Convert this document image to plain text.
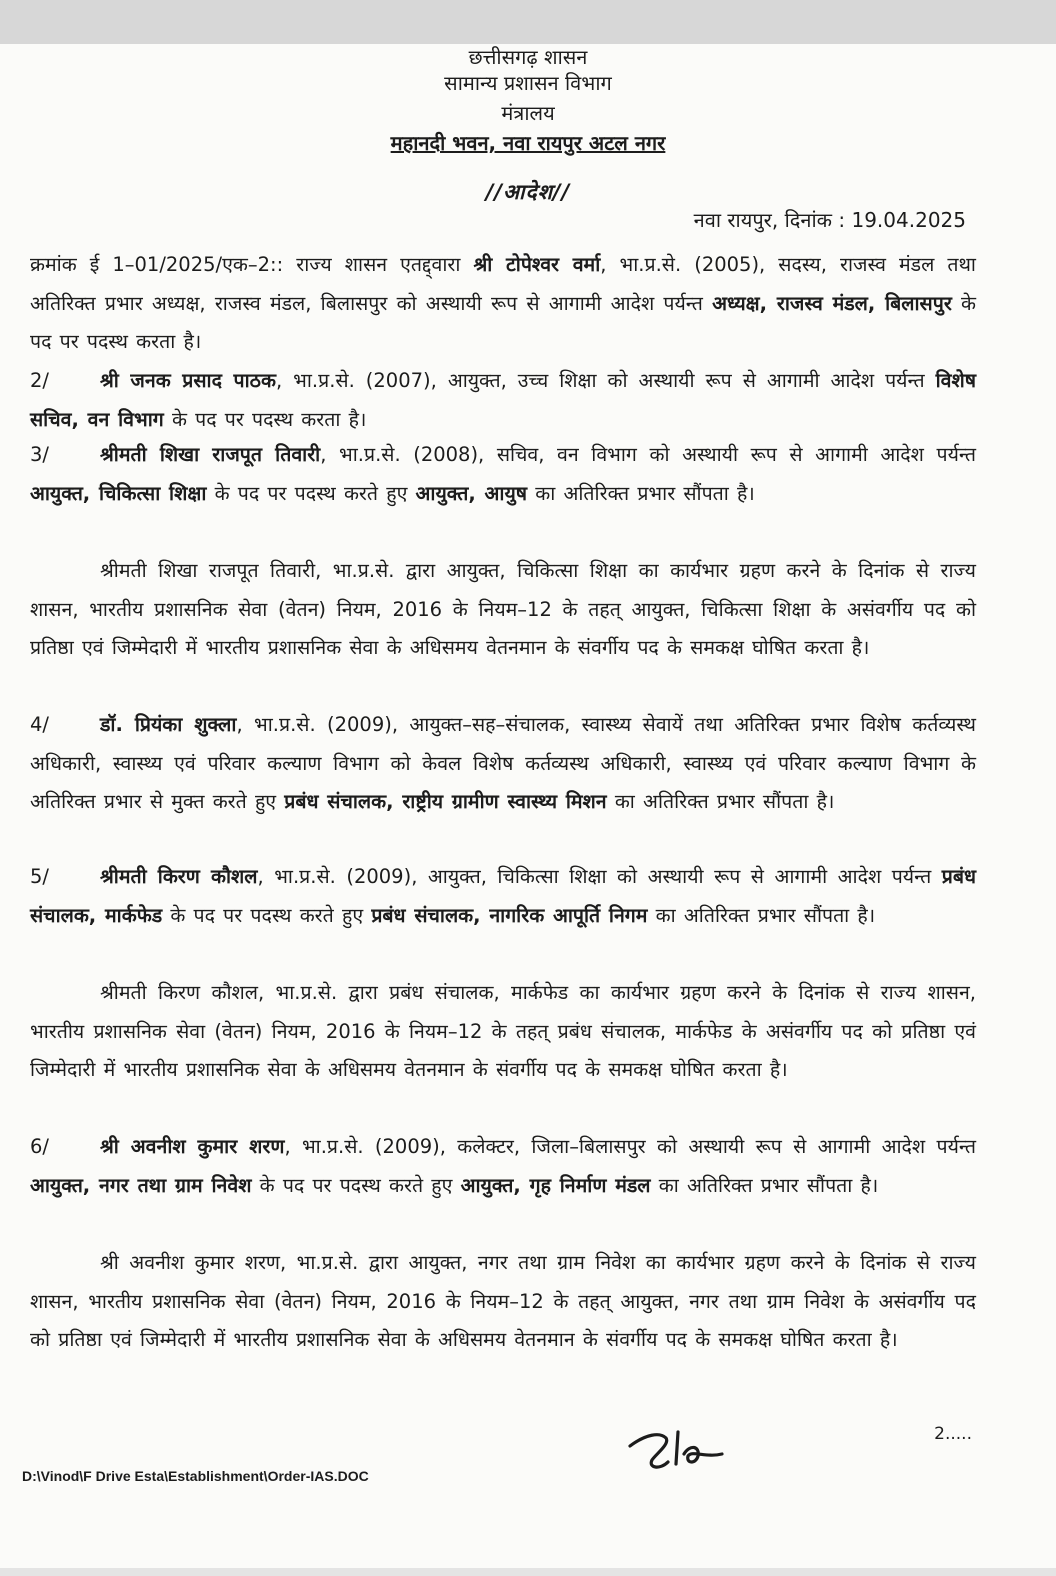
छत्तीसगढ़ शासन
सामान्य प्रशासन विभाग
मंत्रालय
महानदी भवन, नवा रायपुर अटल नगर
//आदेश//
नवा रायपुर, दिनांक : 19.04.2025
क्रमांक ई 1–01/2025/एक–2:: राज्य शासन एतद्द्वारा श्री टोपेश्वर वर्मा, भा.प्र.से. (2005), सदस्य, राजस्व मंडल तथा अतिरिक्त प्रभार अध्यक्ष, राजस्व मंडल, बिलासपुर को अस्थायी रूप से आगामी आदेश पर्यन्त अध्यक्ष, राजस्व मंडल, बिलासपुर के पद पर पदस्थ करता है।
2/	श्री जनक प्रसाद पाठक, भा.प्र.से. (2007), आयुक्त, उच्च शिक्षा को अस्थायी रूप से आगामी आदेश पर्यन्त विशेष सचिव, वन विभाग के पद पर पदस्थ करता है।
3/	श्रीमती शिखा राजपूत तिवारी, भा.प्र.से. (2008), सचिव, वन विभाग को अस्थायी रूप से आगामी आदेश पर्यन्त आयुक्त, चिकित्सा शिक्षा के पद पर पदस्थ करते हुए आयुक्त, आयुष का अतिरिक्त प्रभार सौंपता है।
श्रीमती शिखा राजपूत तिवारी, भा.प्र.से. द्वारा आयुक्त, चिकित्सा शिक्षा का कार्यभार ग्रहण करने के दिनांक से राज्य शासन, भारतीय प्रशासनिक सेवा (वेतन) नियम, 2016 के नियम–12 के तहत् आयुक्त, चिकित्सा शिक्षा के असंवर्गीय पद को प्रतिष्ठा एवं जिम्मेदारी में भारतीय प्रशासनिक सेवा के अधिसमय वेतनमान के संवर्गीय पद के समकक्ष घोषित करता है।
4/	डॉ. प्रियंका शुक्ला, भा.प्र.से. (2009), आयुक्त–सह–संचालक, स्वास्थ्य सेवायें तथा अतिरिक्त प्रभार विशेष कर्तव्यस्थ अधिकारी, स्वास्थ्य एवं परिवार कल्याण विभाग को केवल विशेष कर्तव्यस्थ अधिकारी, स्वास्थ्य एवं परिवार कल्याण विभाग के अतिरिक्त प्रभार से मुक्त करते हुए प्रबंध संचालक, राष्ट्रीय ग्रामीण स्वास्थ्य मिशन का अतिरिक्त प्रभार सौंपता है।
5/	श्रीमती किरण कौशल, भा.प्र.से. (2009), आयुक्त, चिकित्सा शिक्षा को अस्थायी रूप से आगामी आदेश पर्यन्त प्रबंध संचालक, मार्कफेड के पद पर पदस्थ करते हुए प्रबंध संचालक, नागरिक आपूर्ति निगम का अतिरिक्त प्रभार सौंपता है।
श्रीमती किरण कौशल, भा.प्र.से. द्वारा प्रबंध संचालक, मार्कफेड का कार्यभार ग्रहण करने के दिनांक से राज्य शासन, भारतीय प्रशासनिक सेवा (वेतन) नियम, 2016 के नियम–12 के तहत् प्रबंध संचालक, मार्कफेड के असंवर्गीय पद को प्रतिष्ठा एवं जिम्मेदारी में भारतीय प्रशासनिक सेवा के अधिसमय वेतनमान के संवर्गीय पद के समकक्ष घोषित करता है।
6/	श्री अवनीश कुमार शरण, भा.प्र.से. (2009), कलेक्टर, जिला–बिलासपुर को अस्थायी रूप से आगामी आदेश पर्यन्त आयुक्त, नगर तथा ग्राम निवेश के पद पर पदस्थ करते हुए आयुक्त, गृह निर्माण मंडल का अतिरिक्त प्रभार सौंपता है।
श्री अवनीश कुमार शरण, भा.प्र.से. द्वारा आयुक्त, नगर तथा ग्राम निवेश का कार्यभार ग्रहण करने के दिनांक से राज्य शासन, भारतीय प्रशासनिक सेवा (वेतन) नियम, 2016 के नियम–12 के तहत् आयुक्त, नगर तथा ग्राम निवेश के असंवर्गीय पद को प्रतिष्ठा एवं जिम्मेदारी में भारतीय प्रशासनिक सेवा के अधिसमय वेतनमान के संवर्गीय पद के समकक्ष घोषित करता है।
2.....
D:\Vinod\F Drive Esta\Establishment\Order-IAS.DOC
